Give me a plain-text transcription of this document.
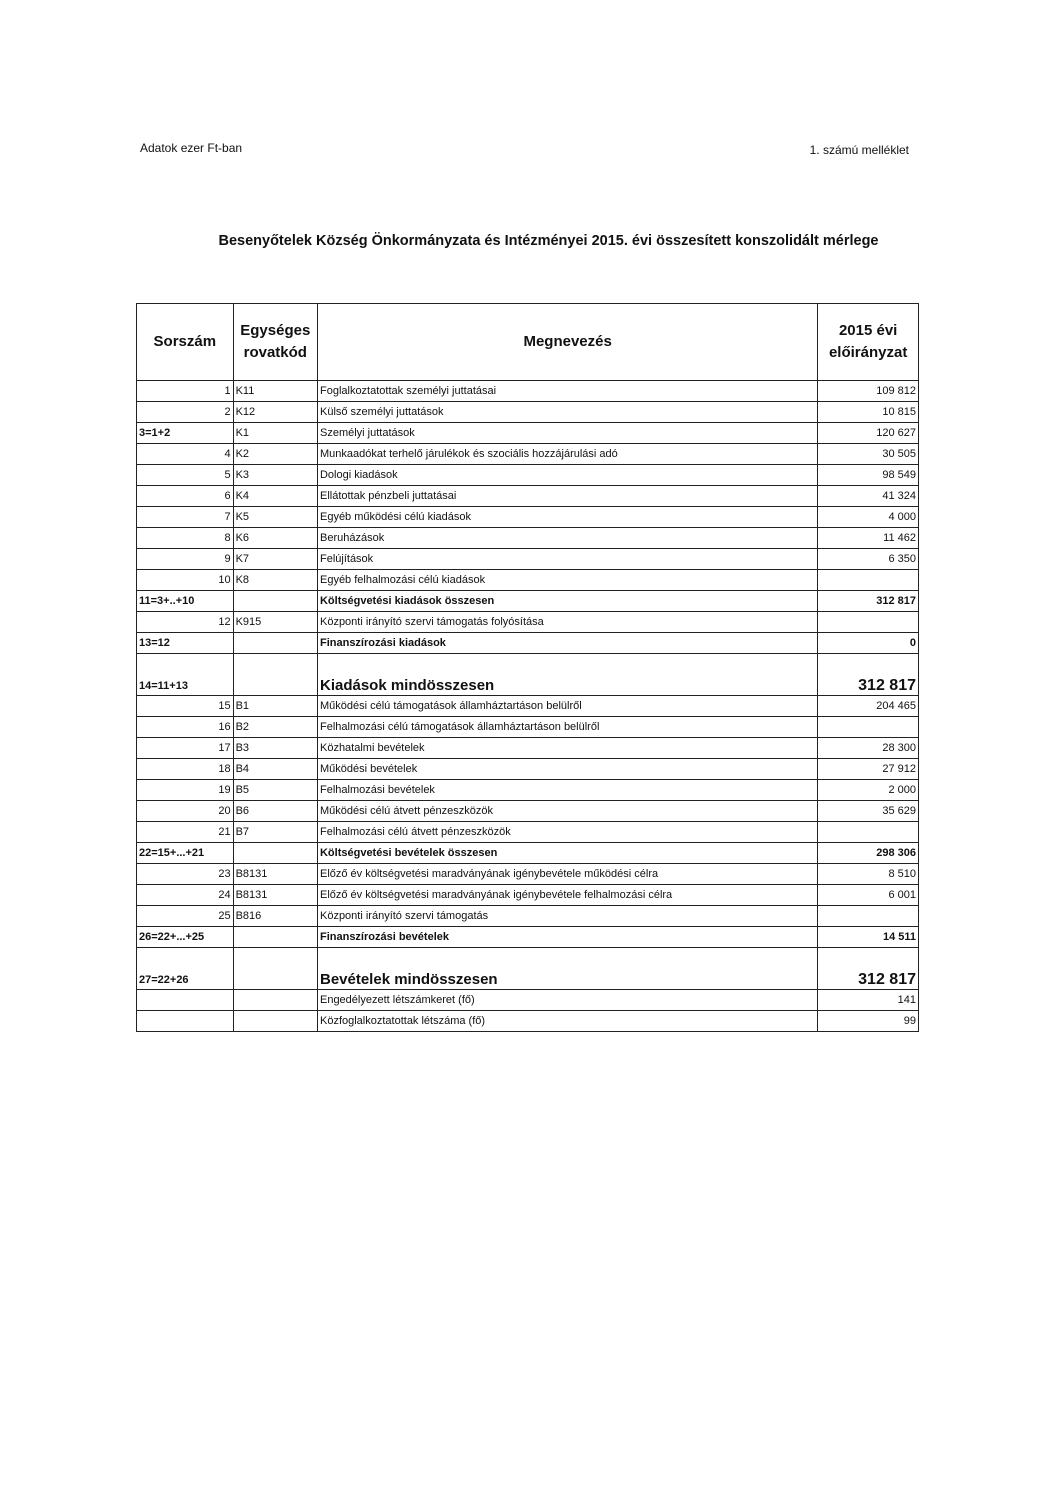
Adatok ezer Ft-ban	1. számú melléklet
Besenyőtelek Község Önkormányzata és Intézményei 2015. évi összesített konszolidált mérlege
Sorszám	Egységes rovatkód	Megnevezés	2015 évi előirányzat
1	K11	Foglalkoztatottak személyi juttatásai	109 812
2	K12	Külső személyi juttatások	10 815
3=1+2	K1	Személyi juttatások	120 627
4	K2	Munkaadókat terhelő járulékok és szociális hozzájárulási adó	30 505
5	K3	Dologi kiadások	98 549
6	K4	Ellátottak pénzbeli juttatásai	41 324
7	K5	Egyéb működési célú kiadások	4 000
8	K6	Beruházások	11 462
9	K7	Felújítások	6 350
10	K8	Egyéb felhalmozási célú kiadások	
11=3+..+10		Költségvetési kiadások összesen	312 817
12	K915	Központi irányító szervi támogatás folyósítása	
13=12		Finanszírozási kiadások	0
14=11+13		Kiadások mindösszesen	312 817
15	B1	Működési célú támogatások államháztartáson belülről	204 465
16	B2	Felhalmozási célú támogatások államháztartáson belülről	
17	B3	Közhatalmi bevételek	28 300
18	B4	Működési bevételek	27 912
19	B5	Felhalmozási bevételek	2 000
20	B6	Működési célú átvett pénzeszközök	35 629
21	B7	Felhalmozási célú átvett pénzeszközök	
22=15+...+21		Költségvetési bevételek összesen	298 306
23	B8131	Előző év költségvetési maradványának igénybevétele működési célra	8 510
24	B8131	Előző év költségvetési maradványának igénybevétele felhalmozási célra	6 001
25	B816	Központi irányító szervi támogatás	
26=22+...+25		Finanszírozási bevételek	14 511
27=22+26		Bevételek mindösszesen	312 817
		Engedélyezett létszámkeret (fő)	141
		Közfoglalkoztatottak létszáma (fő)	99
